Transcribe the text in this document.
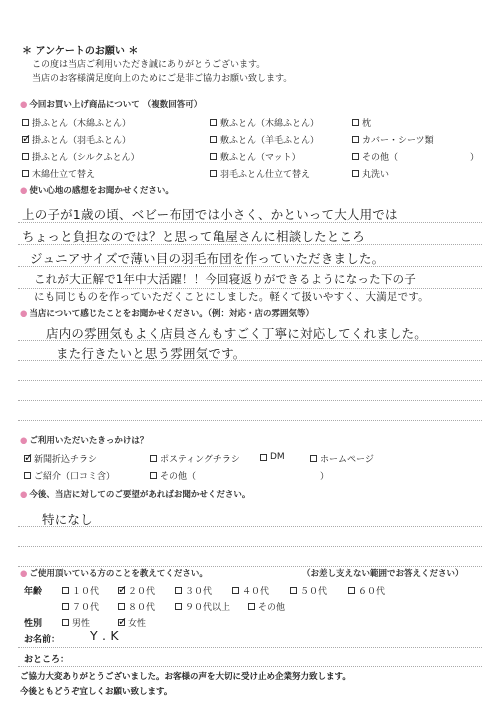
＊ アンケートのお願い ＊
この度は当店ご利用いただき誠にありがとうございます。
当店のお客様満足度向上のためにご是非ご協力お願い致します。
● 今回お買い上げ商品について （複数回答可）
掛ふとん（木綿ふとん）	敷ふとん（木綿ふとん）	枕
✓
掛ふとん（羽毛ふとん）	敷ふとん（羊毛ふとん）	カバー・シーツ類
掛ふとん（シルクふとん）	敷ふとん（マット）	その他（	）
木綿仕立て替え	羽毛ふとん仕立て替え	丸洗い
● 使い心地の感想をお聞かせください。
上の子が1歳の頃、ベビー布団では小さく、かといって大人用では
ちょっと負担なのでは？と思って亀屋さんに相談したところ
ジュニアサイズで薄い目の羽毛布団を作っていただきました。
これが大正解で1年中大活躍！！今回寝返りができるようになった下の子
にも同じものを作っていただくことにしました。軽くて扱いやすく、大満足です。
● 当店について感じたことをお聞かせください。（例：対応・店の雰囲気等）
店内の雰囲気もよく店員さんもすごく丁寧に対応してくれました。
また行きたいと思う雰囲気です。
● ご利用いただいたきっかけは？
✓
新聞折込チラシ	ポスティングチラシ	DM	ホームページ
ご紹介（口コミ含）	その他（	）
● 今後、当店に対してのご要望があればお聞かせください。
特になし
● ご使用頂いている方のことを教えてください。	（お差し支えない範囲でお答えください）
年齢	１０代 ✓	２０代	３０代	４０代	５０代	６０代
７０代	８０代	９０代以上	その他
性別	男性 ✓	女性
お名前： Y . K
おところ：
ご協力大変ありがとうございました。お客様の声を大切に受け止め企業努力致します。
今後ともどうぞ宜しくお願い致します。
